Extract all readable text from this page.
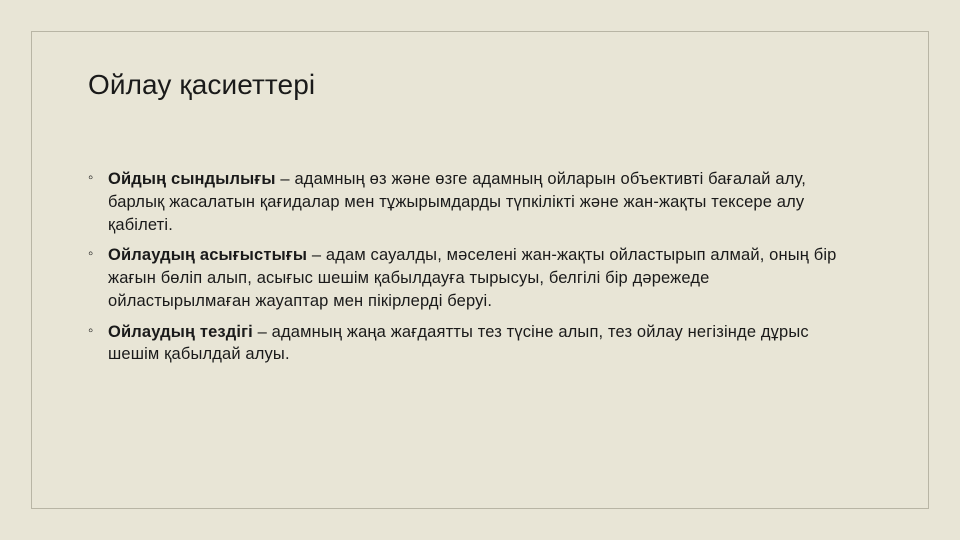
Ойлау қасиеттері
◦ Ойдың сындылығы – адамның өз және өзге адамның ойларын объективті бағалай алу, барлық жасалатын қағидалар мен тұжырымдарды түпкілікті және жан-жақты тексере алу қабілеті.
◦ Ойлаудың асығыстығы – адам сауалды, мәселені жан-жақты ойластырып алмай, оның бір жағын бөліп алып, асығыс шешім қабылдауға тырысуы, белгілі бір дәрежеде ойластырылмаған жауаптар мен пікірлерді беруі.
◦ Ойлаудың тездігі – адамның жаңа жағдаятты тез түсіне алып, тез ойлау негізінде дұрыс шешім қабылдай алуы.
